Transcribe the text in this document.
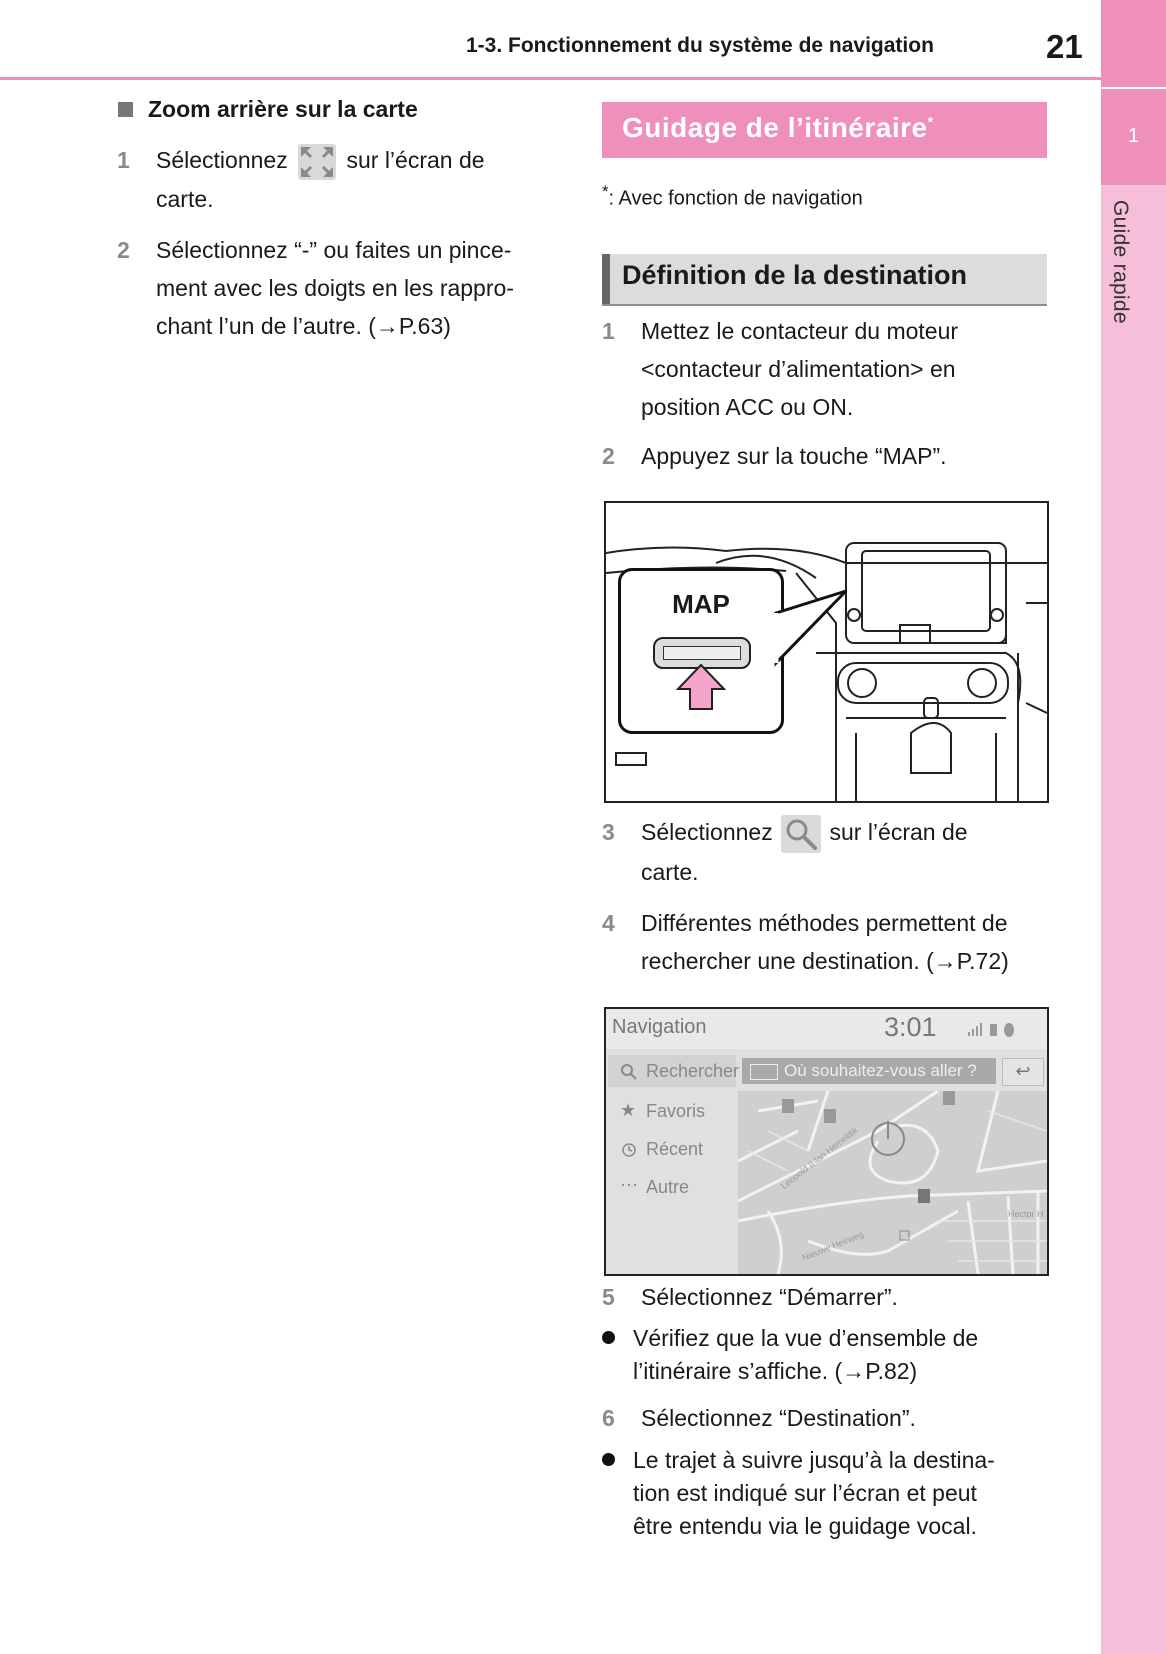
1-3. Fonctionnement du système de navigation	21
1
Guide rapide
Zoom arrière sur la carte
1 Sélectionnez	sur l’écran de
carte.
2 Sélectionnez “-” ou faites un pince-
ment avec les doigts en les rappro-
chant l’un de l’autre. (→P.63)
Guidage de l’itinéraire*
*: Avec fonction de navigation
Définition de la destination
1 Mettez le contacteur du moteur
<contacteur d’alimentation> en
position ACC ou ON.
2 Appuyez sur la touche “MAP”.
MAP
3 Sélectionnez sur l’écran de
carte.
4 Différentes méthodes permettent de
rechercher une destination. (→P.72)
Navigation	3:01
Rechercher
★ Favoris
Récent
··· Autre	Leopold II-lan Hemeldik
Nieuwe Heirweg
Hector H
Où souhaitez-vous aller ?	↩
5 Sélectionnez “Démarrer”.
Vérifiez que la vue d’ensemble de
l’itinéraire s’affiche. (→P.82)
6 Sélectionnez “Destination”.
Le trajet à suivre jusqu’à la destina-
tion est indiqué sur l’écran et peut
être entendu via le guidage vocal.
